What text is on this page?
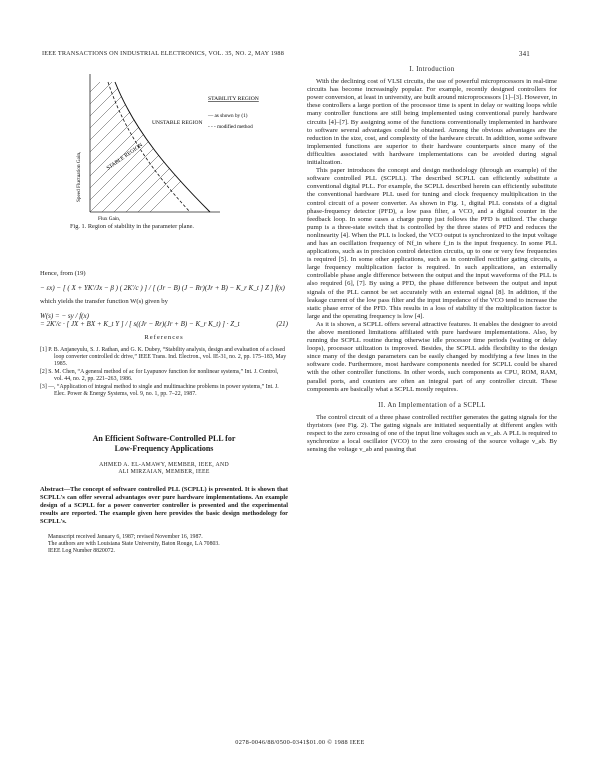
IEEE TRANSACTIONS ON INDUSTRIAL ELECTRONICS, VOL. 35, NO. 2, MAY 1988	341
UNSTABLE REGION
STABLE REGION
Speed Fluctuation Gain,
Flux Gain,
STABILITY REGION
— as shown by (1)
- - - modified method
Fig. 1. Region of stability in the parameter plane.

Hence, from (19)

− εx) − [ ( X + YK′/Jx − β ) ( 2K′/c ) ] / [ (Jr − B) (J − Rr)(Jr + B) − K_r K_t ] Z ] f(x)

which yields the transfer function W(s) given by

W(s) = − sy / f(x)
= 2K′/c · [ JX + BX + K_t Y ] / [ s((Jr − Rr)(Jr + B) − K_r K_t) ] · Z_t	(21)
References
[1] P. B. Anjaneyulu, S. J. Rathan, and G. K. Dubey, “Stability analysis, design and evaluation of a closed loop converter controlled dc drive,” IEEE Trans. Ind. Electron., vol. IE-31, no. 2, pp. 175–183, May 1985.
[2] S. M. Chen, “A general method of ac for Lyapunov function for nonlinear systems,” Int. J. Control, vol. 44, no. 2, pp. 221–263, 1986.
[3] —, “Application of integral method to single and multimachine problems in power systems,” Int. J. Elec. Power & Energy Systems, vol. 9, no. 1, pp. 7–22, 1987.
An Efficient Software-Controlled PLL for
Low-Frequency Applications
AHMED A. EL-AMAWY, MEMBER, IEEE, AND
ALI MIRZAIAN, MEMBER, IEEE
Abstract—The concept of software controlled PLL (SCPLL) is presented. It is shown that SCPLL's can offer several advantages over pure hardware implementations. An example design of a SCPLL for a power converter controller is presented and the experimental results are reported. The example given here provides the basic design methodology for SCPLL's.
Manuscript received January 6, 1987; revised November 16, 1987.
The authors are with Louisiana State University, Baton Rouge, LA 70803.
IEEE Log Number 8820072.
I. Introduction

With the declining cost of VLSI circuits, the use of powerful microprocessors in real-time circuits has become increasingly popular. For example, recently designed controllers for power conversion, at least in university, are built around microprocessors [1]–[3]. However, in these controllers a large portion of the processor time is spent in delay or waiting loops while many controller functions are still being implemented using conventional purely hardware circuits [4]–[7]. By assigning some of the functions conventionally implemented in hardware to software several advantages could be obtained. Among the obvious advantages are the reduction in the size, cost, and complexity of the hardware circuit. In addition, some software implemented functions are superior to their hardware counterparts since many of the difficulties associated with hardware implementations can be avoided during signal initialization.

This paper introduces the concept and design methodology (through an example) of the software controlled PLL (SCPLL). The described SCPLL can efficiently substitute a conventional digital PLL. For example, the SCPLL described herein can efficiently substitute the conventional hardware PLL used for tuning and clock frequency multiplication in the control circuit of a power converter. As shown in Fig. 1, digital PLL consists of a digital phase-frequency detector (PFD), a low pass filter, a VCO, and a digital counter in the feedback loop. In some cases a charge pump just follows the PFD is utilized. The charge pump is a three-state switch that is controlled by the three states of PFD and reduces the nonlinearity [4]. When the PLL is locked, the VCO output is synchronized to the input voltage and has an oscillation frequency of Nf_in where f_in is the input frequency. In some PLL applications, such as in precision control detection circuits, up to one or very few frequencies is required [5]. In some other applications, such as in controlled rectifier gating circuits, a large frequency multiplication factor is required. In such applications, an externally controllable phase angle difference between the output and the input waveforms of the PLL is also required [6], [7]. By using a PFD, the phase difference between the output and input signals of the PLL cannot be set accurately with an external signal [8]. In addition, if the leakage current of the low pass filter and the input impedance of the VCO tend to increase the static phase error of the PFD. This results in a loss of stability if the multiplication factor is large and the operating frequency is low [4].

As it is shown, a SCPLL offers several attractive features. It enables the designer to avoid the above mentioned limitations affiliated with pure hardware implementations. Also, by running the SCPLL routine during otherwise idle processor time periods (waiting or delay loops), processor utilization is improved. Besides, the SCPLL adds flexibility to the design since many of the design parameters can be easily changed by modifying a few lines in the software code. Furthermore, most hardware components needed for SCPLL could be shared with the other controller functions. In other words, such components as CPU, ROM, RAM, parallel ports, and counters are often an integral part of any controller circuit. These components are basically what a SCPLL mostly requires.

II. An Implementation of a SCPLL

The control circuit of a three phase controlled rectifier generates the gating signals for the thyristors (see Fig. 2). The gating signals are initiated sequentially at different angles with respect to the zero crossing of one of the input line voltages such as v_ab. A PLL is required to synchronize a local oscillator (VCO) to the zero crossing of the source voltage v_ab. By sensing the voltage v_ab and passing that

0278-0046/88/0500-0341$01.00 © 1988 IEEE
